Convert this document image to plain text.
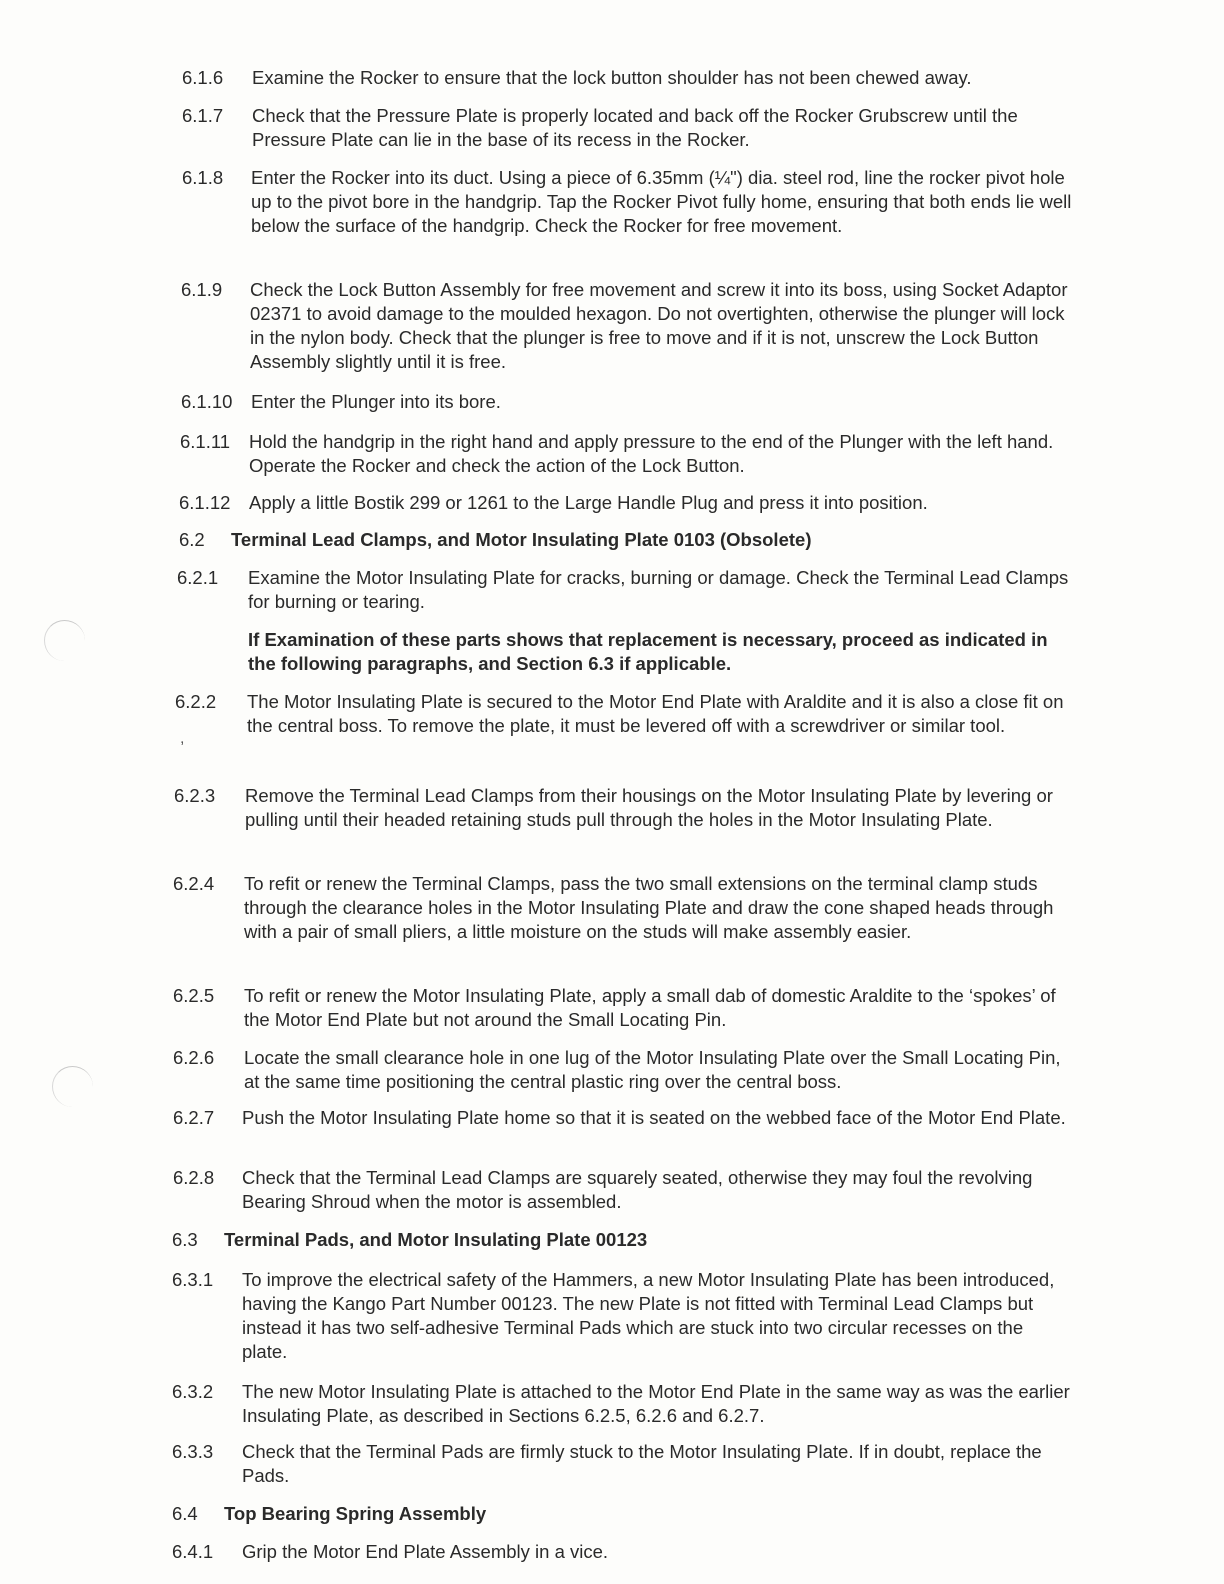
,
6.1.6 Examine the Rocker to ensure that the lock button shoulder has not been chewed away.
6.1.7 Check that the Pressure Plate is properly located and back off the Rocker Grubscrew until the Pressure Plate can lie in the base of its recess in the Rocker.
6.1.8 Enter the Rocker into its duct. Using a piece of 6.35mm (¼") dia. steel rod, line the rocker pivot hole up to the pivot bore in the handgrip. Tap the Rocker Pivot fully home, ensuring that both ends lie well below the surface of the handgrip. Check the Rocker for free movement.
6.1.9 Check the Lock Button Assembly for free movement and screw it into its boss, using Socket Adaptor 02371 to avoid damage to the moulded hexagon. Do not overtighten, otherwise the plunger will lock in the nylon body. Check that the plunger is free to move and if it is not, unscrew the Lock Button Assembly slightly until it is free.
6.1.10 Enter the Plunger into its bore.
6.1.11 Hold the handgrip in the right hand and apply pressure to the end of the Plunger with the left hand. Operate the Rocker and check the action of the Lock Button.
6.1.12 Apply a little Bostik 299 or 1261 to the Large Handle Plug and press it into position.
6.2 Terminal Lead Clamps, and Motor Insulating Plate 0103 (Obsolete)
6.2.1 Examine the Motor Insulating Plate for cracks, burning or damage. Check the Terminal Lead Clamps for burning or tearing.
If Examination of these parts shows that replacement is necessary, proceed as indicated in the following paragraphs, and Section 6.3 if applicable.
6.2.2 The Motor Insulating Plate is secured to the Motor End Plate with Araldite and it is also a close fit on the central boss. To remove the plate, it must be levered off with a screwdriver or similar tool.
6.2.3 Remove the Terminal Lead Clamps from their housings on the Motor Insulating Plate by levering or pulling until their headed retaining studs pull through the holes in the Motor Insulating Plate.
6.2.4 To refit or renew the Terminal Clamps, pass the two small extensions on the terminal clamp studs through the clearance holes in the Motor Insulating Plate and draw the cone shaped heads through with a pair of small pliers, a little moisture on the studs will make assembly easier.
6.2.5 To refit or renew the Motor Insulating Plate, apply a small dab of domestic Araldite to the ‘spokes’ of the Motor End Plate but not around the Small Locating Pin.
6.2.6 Locate the small clearance hole in one lug of the Motor Insulating Plate over the Small Locating Pin, at the same time positioning the central plastic ring over the central boss.
6.2.7 Push the Motor Insulating Plate home so that it is seated on the webbed face of the Motor End Plate.
6.2.8 Check that the Terminal Lead Clamps are squarely seated, otherwise they may foul the revolving Bearing Shroud when the motor is assembled.
6.3 Terminal Pads, and Motor Insulating Plate 00123
6.3.1 To improve the electrical safety of the Hammers, a new Motor Insulating Plate has been introduced, having the Kango Part Number 00123. The new Plate is not fitted with Terminal Lead Clamps but instead it has two self-adhesive Terminal Pads which are stuck into two circular recesses on the plate.
6.3.2 The new Motor Insulating Plate is attached to the Motor End Plate in the same way as was the earlier Insulating Plate, as described in Sections 6.2.5, 6.2.6 and 6.2.7.
6.3.3 Check that the Terminal Pads are firmly stuck to the Motor Insulating Plate. If in doubt, replace the Pads.
6.4 Top Bearing Spring Assembly
6.4.1 Grip the Motor End Plate Assembly in a vice.
